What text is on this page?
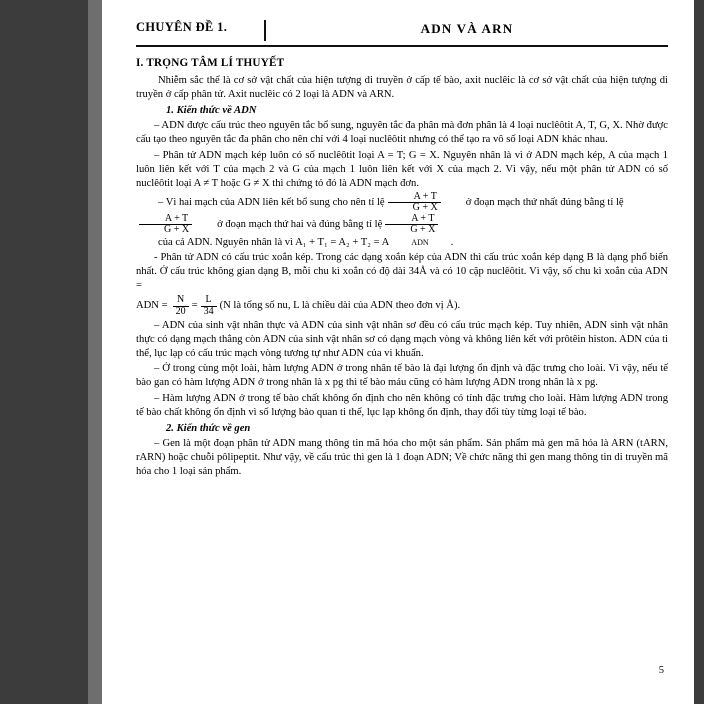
CHUYÊN ĐỀ 1.	ADN VÀ ARN
I. TRỌNG TÂM LÍ THUYẾT

Nhiễm sắc thể là cơ sở vật chất của hiện tượng di truyền ở cấp tế bào, axit nuclêic là cơ sở vật chất của hiện tượng di truyền ở cấp phân tử. Axit nuclêic có 2 loại là ADN và ARN.

1. Kiến thức về ADN

– ADN được cấu trúc theo nguyên tắc bổ sung, nguyên tắc đa phân mà đơn phân là 4 loại nuclêôtit A, T, G, X. Nhờ được cấu tạo theo nguyên tắc đa phân cho nên chỉ với 4 loại nuclêôtit nhưng có thể tạo ra vô số loại ADN khác nhau.

– Phân tử ADN mạch kép luôn có số nuclêôtit loại A = T; G = X. Nguyên nhân là vì ở ADN mạch kép, A của mạch 1 luôn liên kết với T của mạch 2 và G của mạch 1 luôn liên kết với X của mạch 2. Vì vậy, nếu một phân tử ADN có số nuclêôtit loại A ≠ T hoặc G ≠ X thì chứng tỏ đó là ADN mạch đơn.

– Vì hai mạch của ADN liên kết bổ sung cho nên tỉ lệ $\frac{A + T}{G + X}$	ở đoạn mạch thứ nhất đúng bằng tỉ lệ
$\frac{A + T}{G + X}$	ở đoạn mạch thứ hai và đúng bằng tỉ lệ $\frac{A + T}{G + X}$
của cả ADN. Nguyên nhân là vì A₁ + T₁ = A₂ + T₂ = A	ADN	.

- Phân tử ADN có cấu trúc xoắn kép. Trong các dạng xoắn kép của ADN thì cấu trúc xoắn kép dạng B là dạng phổ biến nhất. Ở cấu trúc không gian dạng B, mỗi chu kì xoắn có độ dài 34Å và có 10 cặp nuclêôtit. Vì vậy, số chu kì xoắn của ADN =

ADN = $\frac{N}{20} = \frac{L}{34} (N$ là tổng số nu, L là chiều dài của ADN theo đơn vị Å).

– ADN của sinh vật nhân thực và ADN của sinh vật nhân sơ đều có cấu trúc mạch kép. Tuy nhiên, ADN sinh vật nhân thực có dạng mạch thẳng còn ADN của sinh vật nhân sơ có dạng mạch vòng và không liên kết với prôtêin histon. ADN của ti thể, lục lạp có cấu trúc mạch vòng tương tự như ADN của vi khuẩn.

– Ở trong cùng một loài, hàm lượng ADN ở trong nhân tế bào là đại lượng ổn định và đặc trưng cho loài. Vì vậy, nếu tế bào gan có hàm lượng ADN ở trong nhân là x pg thì tế bào máu cũng có hàm lượng ADN trong nhân là x pg.

– Hàm lượng ADN ở trong tế bào chất không ổn định cho nên không có tính đặc trưng cho loài. Hàm lượng ADN trong tế bào chất không ổn định vì số lượng bào quan ti thể, lục lạp không ổn định, thay đổi tùy từng loại tế bào.

2. Kiến thức về gen

– Gen là một đoạn phân tử ADN mang thông tin mã hóa cho một sản phẩm. Sản phẩm mà gen mã hóa là ARN (tARN, rARN) hoặc chuỗi pôlipeptit. Như vậy, về cấu trúc thì gen là 1 đoạn ADN; Về chức năng thì gen mang thông tin di truyền mã hóa cho 1 loại sản phẩm.

5
